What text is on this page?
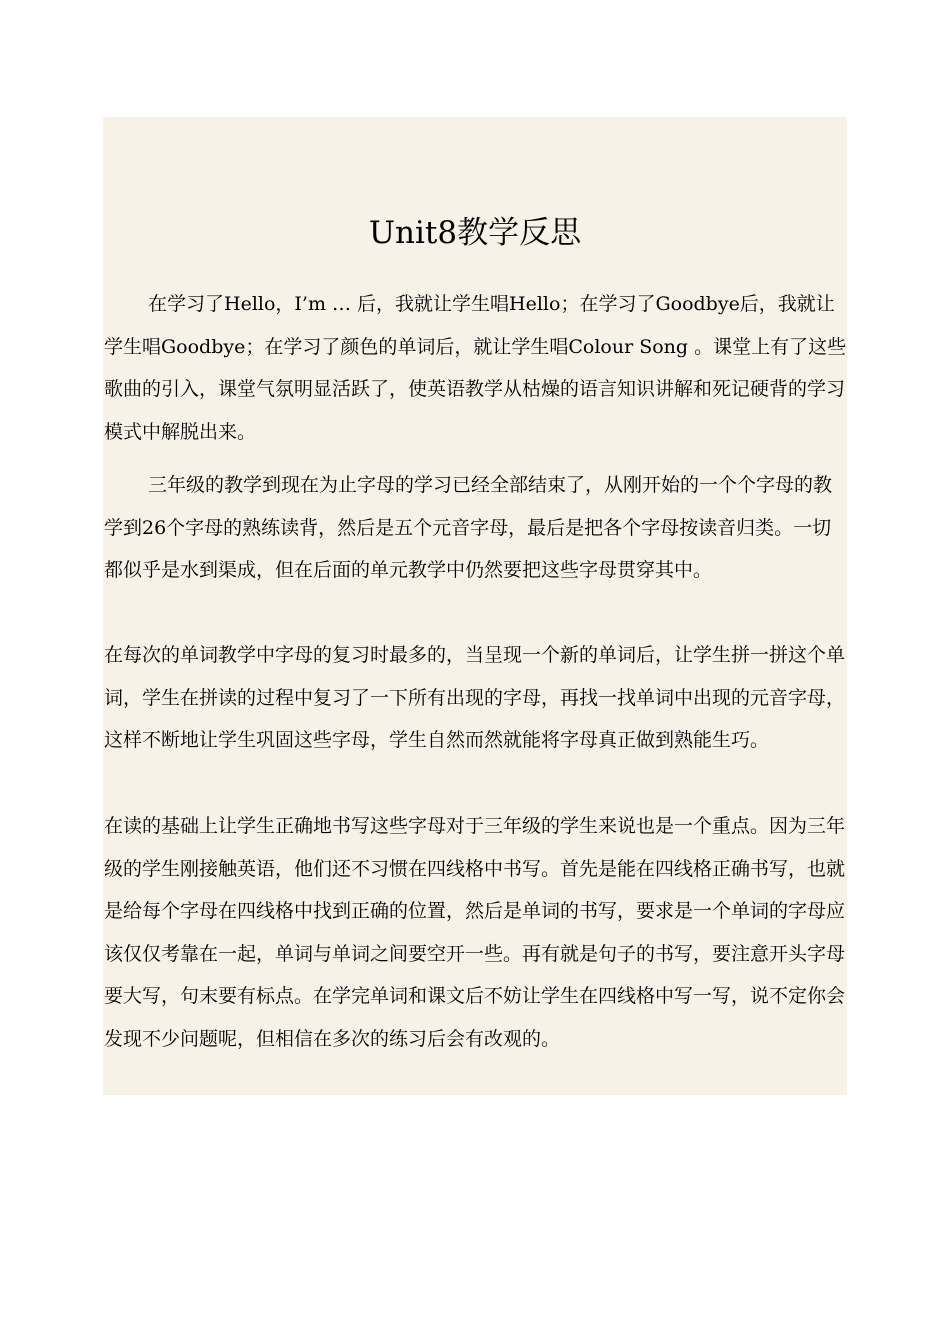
Unit8教学反思

在学习了Hello，I’m … 后，我就让学生唱Hello；在学习了Goodbye后，我就让学生唱Goodbye；在学习了颜色的单词后，就让学生唱Colour Song 。课堂上有了这些歌曲的引入，课堂气氛明显活跃了，使英语教学从枯燥的语言知识讲解和死记硬背的学习模式中解脱出来。

三年级的教学到现在为止字母的学习已经全部结束了，从刚开始的一个个字母的教学到26个字母的熟练读背，然后是五个元音字母，最后是把各个字母按读音归类。一切都似乎是水到渠成，但在后面的单元教学中仍然要把这些字母贯穿其中。

在每次的单词教学中字母的复习时最多的，当呈现一个新的单词后，让学生拼一拼这个单词，学生在拼读的过程中复习了一下所有出现的字母，再找一找单词中出现的元音字母，这样不断地让学生巩固这些字母，学生自然而然就能将字母真正做到熟能生巧。

在读的基础上让学生正确地书写这些字母对于三年级的学生来说也是一个重点。因为三年级的学生刚接触英语，他们还不习惯在四线格中书写。首先是能在四线格正确书写，也就是给每个字母在四线格中找到正确的位置，然后是单词的书写，要求是一个单词的字母应该仅仅考靠在一起，单词与单词之间要空开一些。再有就是句子的书写，要注意开头字母要大写，句末要有标点。在学完单词和课文后不妨让学生在四线格中写一写，说不定你会发现不少问题呢，但相信在多次的练习后会有改观的。
